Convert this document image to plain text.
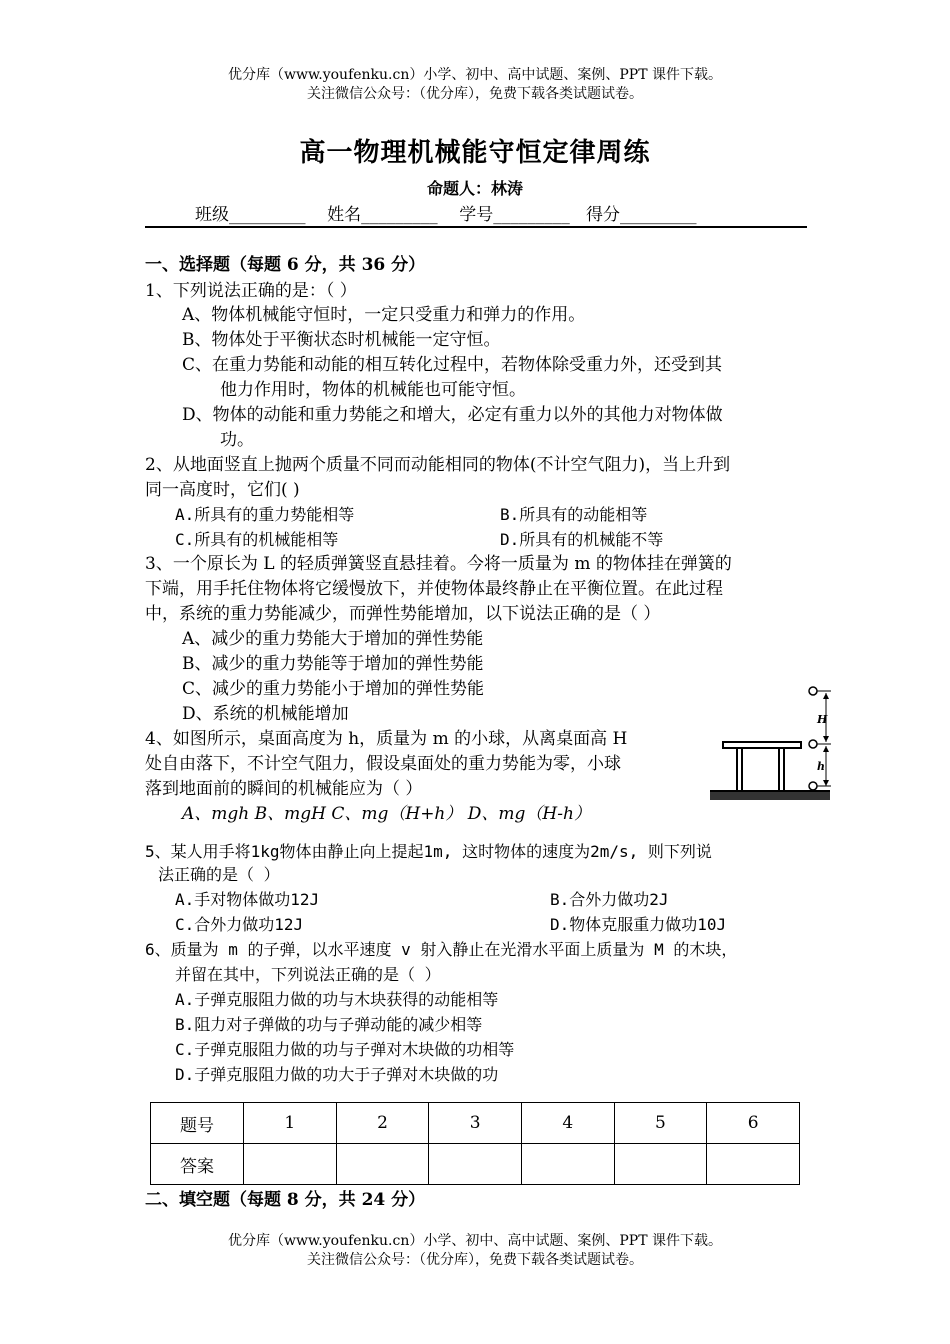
优分库（www.youfenku.cn）小学、初中、高中试题、案例、PPT 课件下载。
关注微信公众号：（优分库），免费下载各类试题试卷。
高一物理机械能守恒定律周练
命题人：林涛
班级_________    姓名_________    学号_________   得分_________
一、选择题（每题 6 分，共 36 分）
1、下列说法正确的是：（ ）
A、物体机械能守恒时，一定只受重力和弹力的作用。
B、物体处于平衡状态时机械能一定守恒。
C、在重力势能和动能的相互转化过程中，若物体除受重力外，还受到其
他力作用时，物体的机械能也可能守恒。
D、物体的动能和重力势能之和增大，必定有重力以外的其他力对物体做
功。
2、从地面竖直上抛两个质量不同而动能相同的物体(不计空气阻力)，当上升到
同一高度时，它们( )
A.所具有的重力势能相等	B.所具有的动能相等
C.所具有的机械能相等	D.所具有的机械能不等
3、一个原长为 L 的轻质弹簧竖直悬挂着。今将一质量为 m 的物体挂在弹簧的
下端，用手托住物体将它缓慢放下，并使物体最终静止在平衡位置。在此过程
中，系统的重力势能减少，而弹性势能增加，以下说法正确的是（ ）
A、减少的重力势能大于增加的弹性势能
B、减少的重力势能等于增加的弹性势能
C、减少的重力势能小于增加的弹性势能
D、系统的机械能增加
4、如图所示，桌面高度为 h，质量为 m 的小球，从离桌面高 H
处自由落下，不计空气阻力，假设桌面处的重力势能为零，小球
落到地面前的瞬间的机械能应为（ ）
A、mgh B、mgH C、mg（H+h） D、mg（H-h）
H
h
5、某人用手将1kg物体由静止向上提起1m, 这时物体的速度为2m/s, 则下列说
法正确的是（ ）
A.手对物体做功12J	B.合外力做功2J
C.合外力做功12J	D.物体克服重力做功10J
6、质量为 m 的子弹，以水平速度 v 射入静止在光滑水平面上质量为 M 的木块，
并留在其中，下列说法正确的是（ ）
A.子弹克服阻力做的功与木块获得的动能相等
B.阻力对子弹做的功与子弹动能的减少相等
C.子弹克服阻力做的功与子弹对木块做的功相等
D.子弹克服阻力做的功大于子弹对木块做的功
题号	1	2	3	4	5	6
答案						
二、填空题（每题 8 分，共 24 分）
优分库（www.youfenku.cn）小学、初中、高中试题、案例、PPT 课件下载。
关注微信公众号：（优分库），免费下载各类试题试卷。
